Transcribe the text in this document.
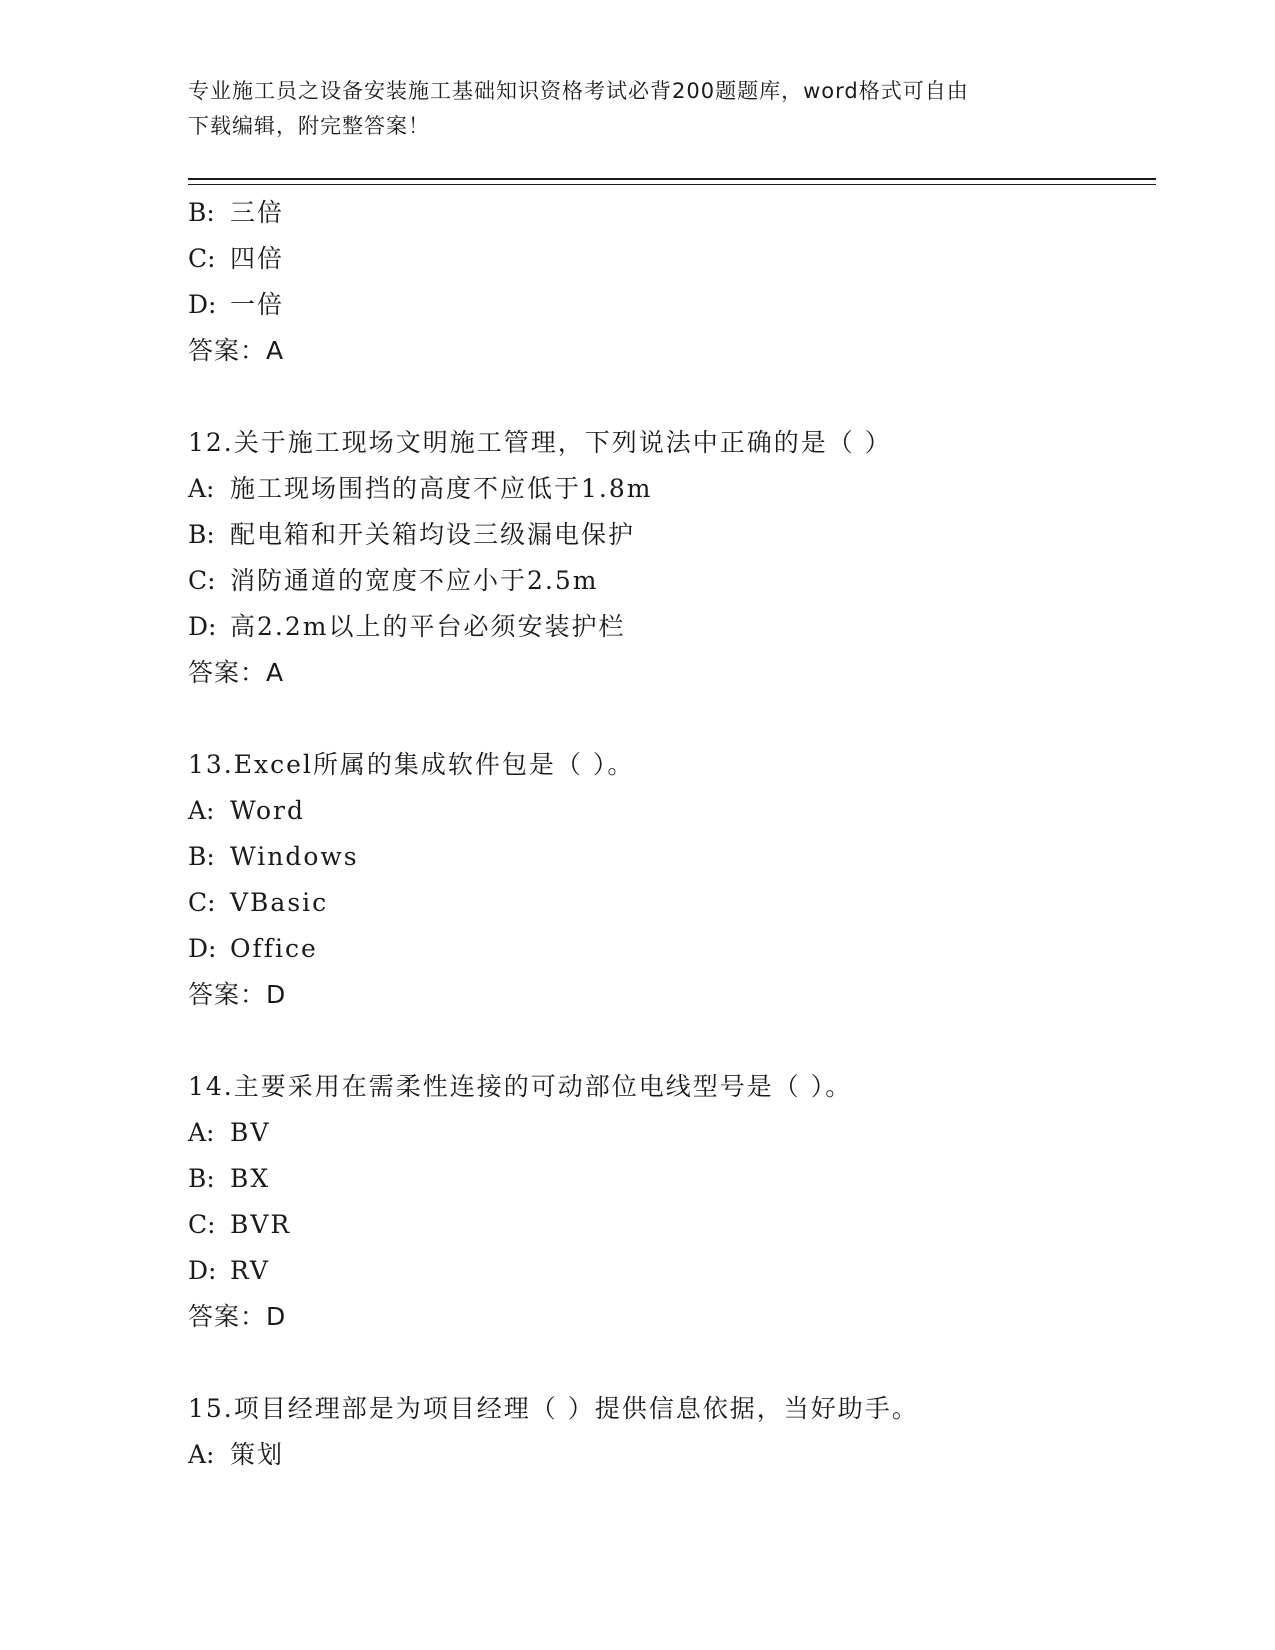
专业施工员之设备安装施工基础知识资格考试必背200题题库，word格式可自由
下载编辑，附完整答案！
B: 三倍
C: 四倍
D: 一倍
答案：A
12.关于施工现场文明施工管理，下列说法中正确的是（ ）
A: 施工现场围挡的高度不应低于1.8m
B: 配电箱和开关箱均设三级漏电保护
C: 消防通道的宽度不应小于2.5m
D: 高2.2m以上的平台必须安装护栏
答案：A
13.Excel所属的集成软件包是（ ）。
A: Word
B: Windows
C: VBasic
D: Office
答案：D
14.主要采用在需柔性连接的可动部位电线型号是（ ）。
A: BV
B: BX
C: BVR
D: RV
答案：D
15.项目经理部是为项目经理（ ）提供信息依据，当好助手。
A: 策划
